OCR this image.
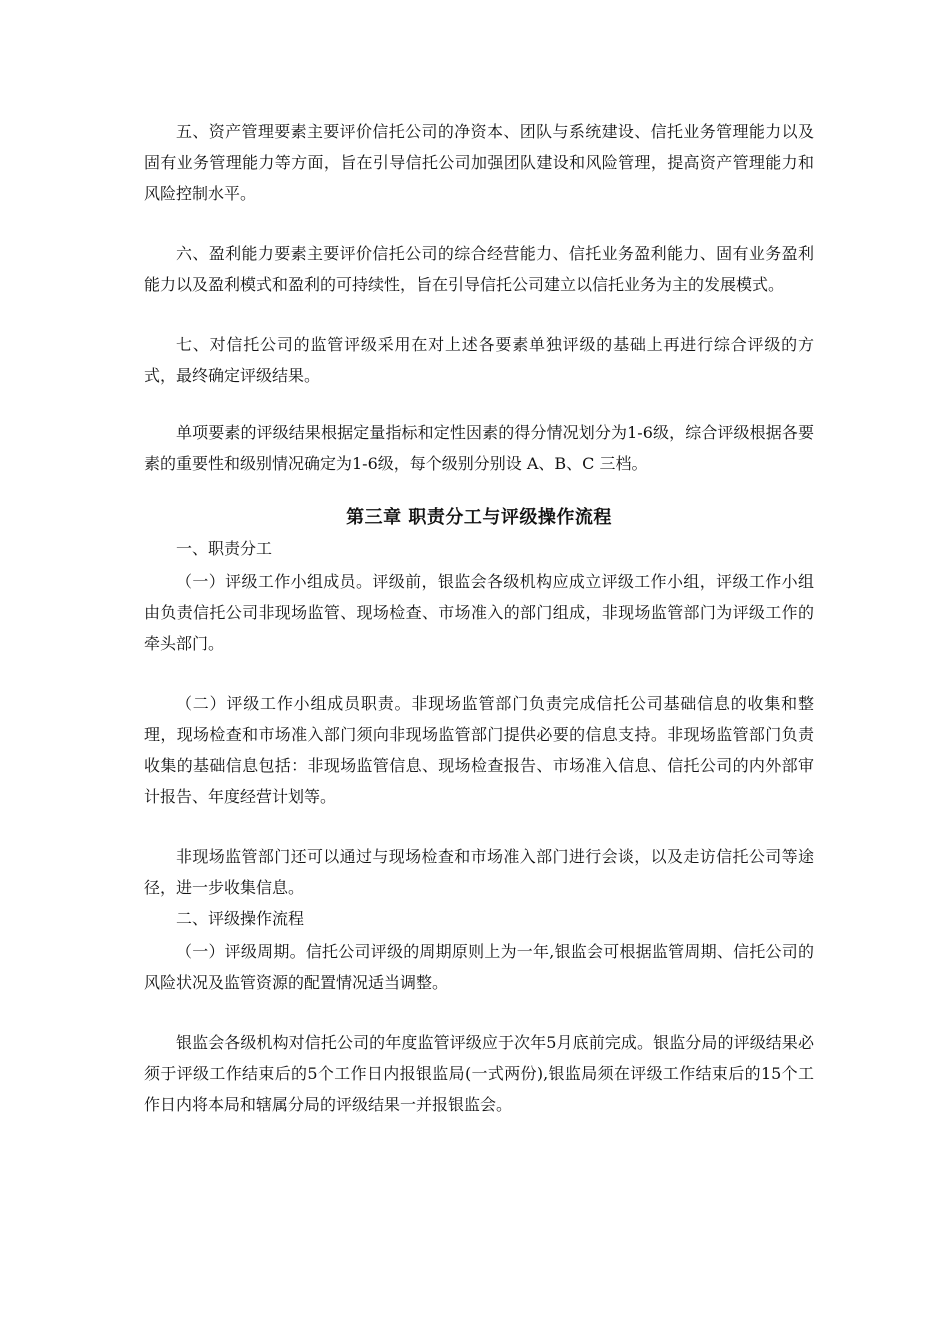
五、资产管理要素主要评价信托公司的净资本、团队与系统建设、信托业务管理能力以及固有业务管理能力等方面，旨在引导信托公司加强团队建设和风险管理，提高资产管理能力和风险控制水平。

六、盈利能力要素主要评价信托公司的综合经营能力、信托业务盈利能力、固有业务盈利能力以及盈利模式和盈利的可持续性，旨在引导信托公司建立以信托业务为主的发展模式。

七、对信托公司的监管评级采用在对上述各要素单独评级的基础上再进行综合评级的方式，最终确定评级结果。

单项要素的评级结果根据定量指标和定性因素的得分情况划分为1-6级，综合评级根据各要素的重要性和级别情况确定为1-6级，每个级别分别设 A、B、C 三档。

第三章 职责分工与评级操作流程

一、职责分工

（一）评级工作小组成员。评级前，银监会各级机构应成立评级工作小组，评级工作小组由负责信托公司非现场监管、现场检查、市场准入的部门组成，非现场监管部门为评级工作的牵头部门。

（二）评级工作小组成员职责。非现场监管部门负责完成信托公司基础信息的收集和整理，现场检查和市场准入部门须向非现场监管部门提供必要的信息支持。非现场监管部门负责收集的基础信息包括：非现场监管信息、现场检查报告、市场准入信息、信托公司的内外部审计报告、年度经营计划等。

非现场监管部门还可以通过与现场检查和市场准入部门进行会谈，以及走访信托公司等途径，进一步收集信息。

二、评级操作流程

（一）评级周期。信托公司评级的周期原则上为一年,银监会可根据监管周期、信托公司的风险状况及监管资源的配置情况适当调整。

银监会各级机构对信托公司的年度监管评级应于次年5月底前完成。银监分局的评级结果必须于评级工作结束后的5个工作日内报银监局(一式两份),银监局须在评级工作结束后的15个工作日内将本局和辖属分局的评级结果一并报银监会。
